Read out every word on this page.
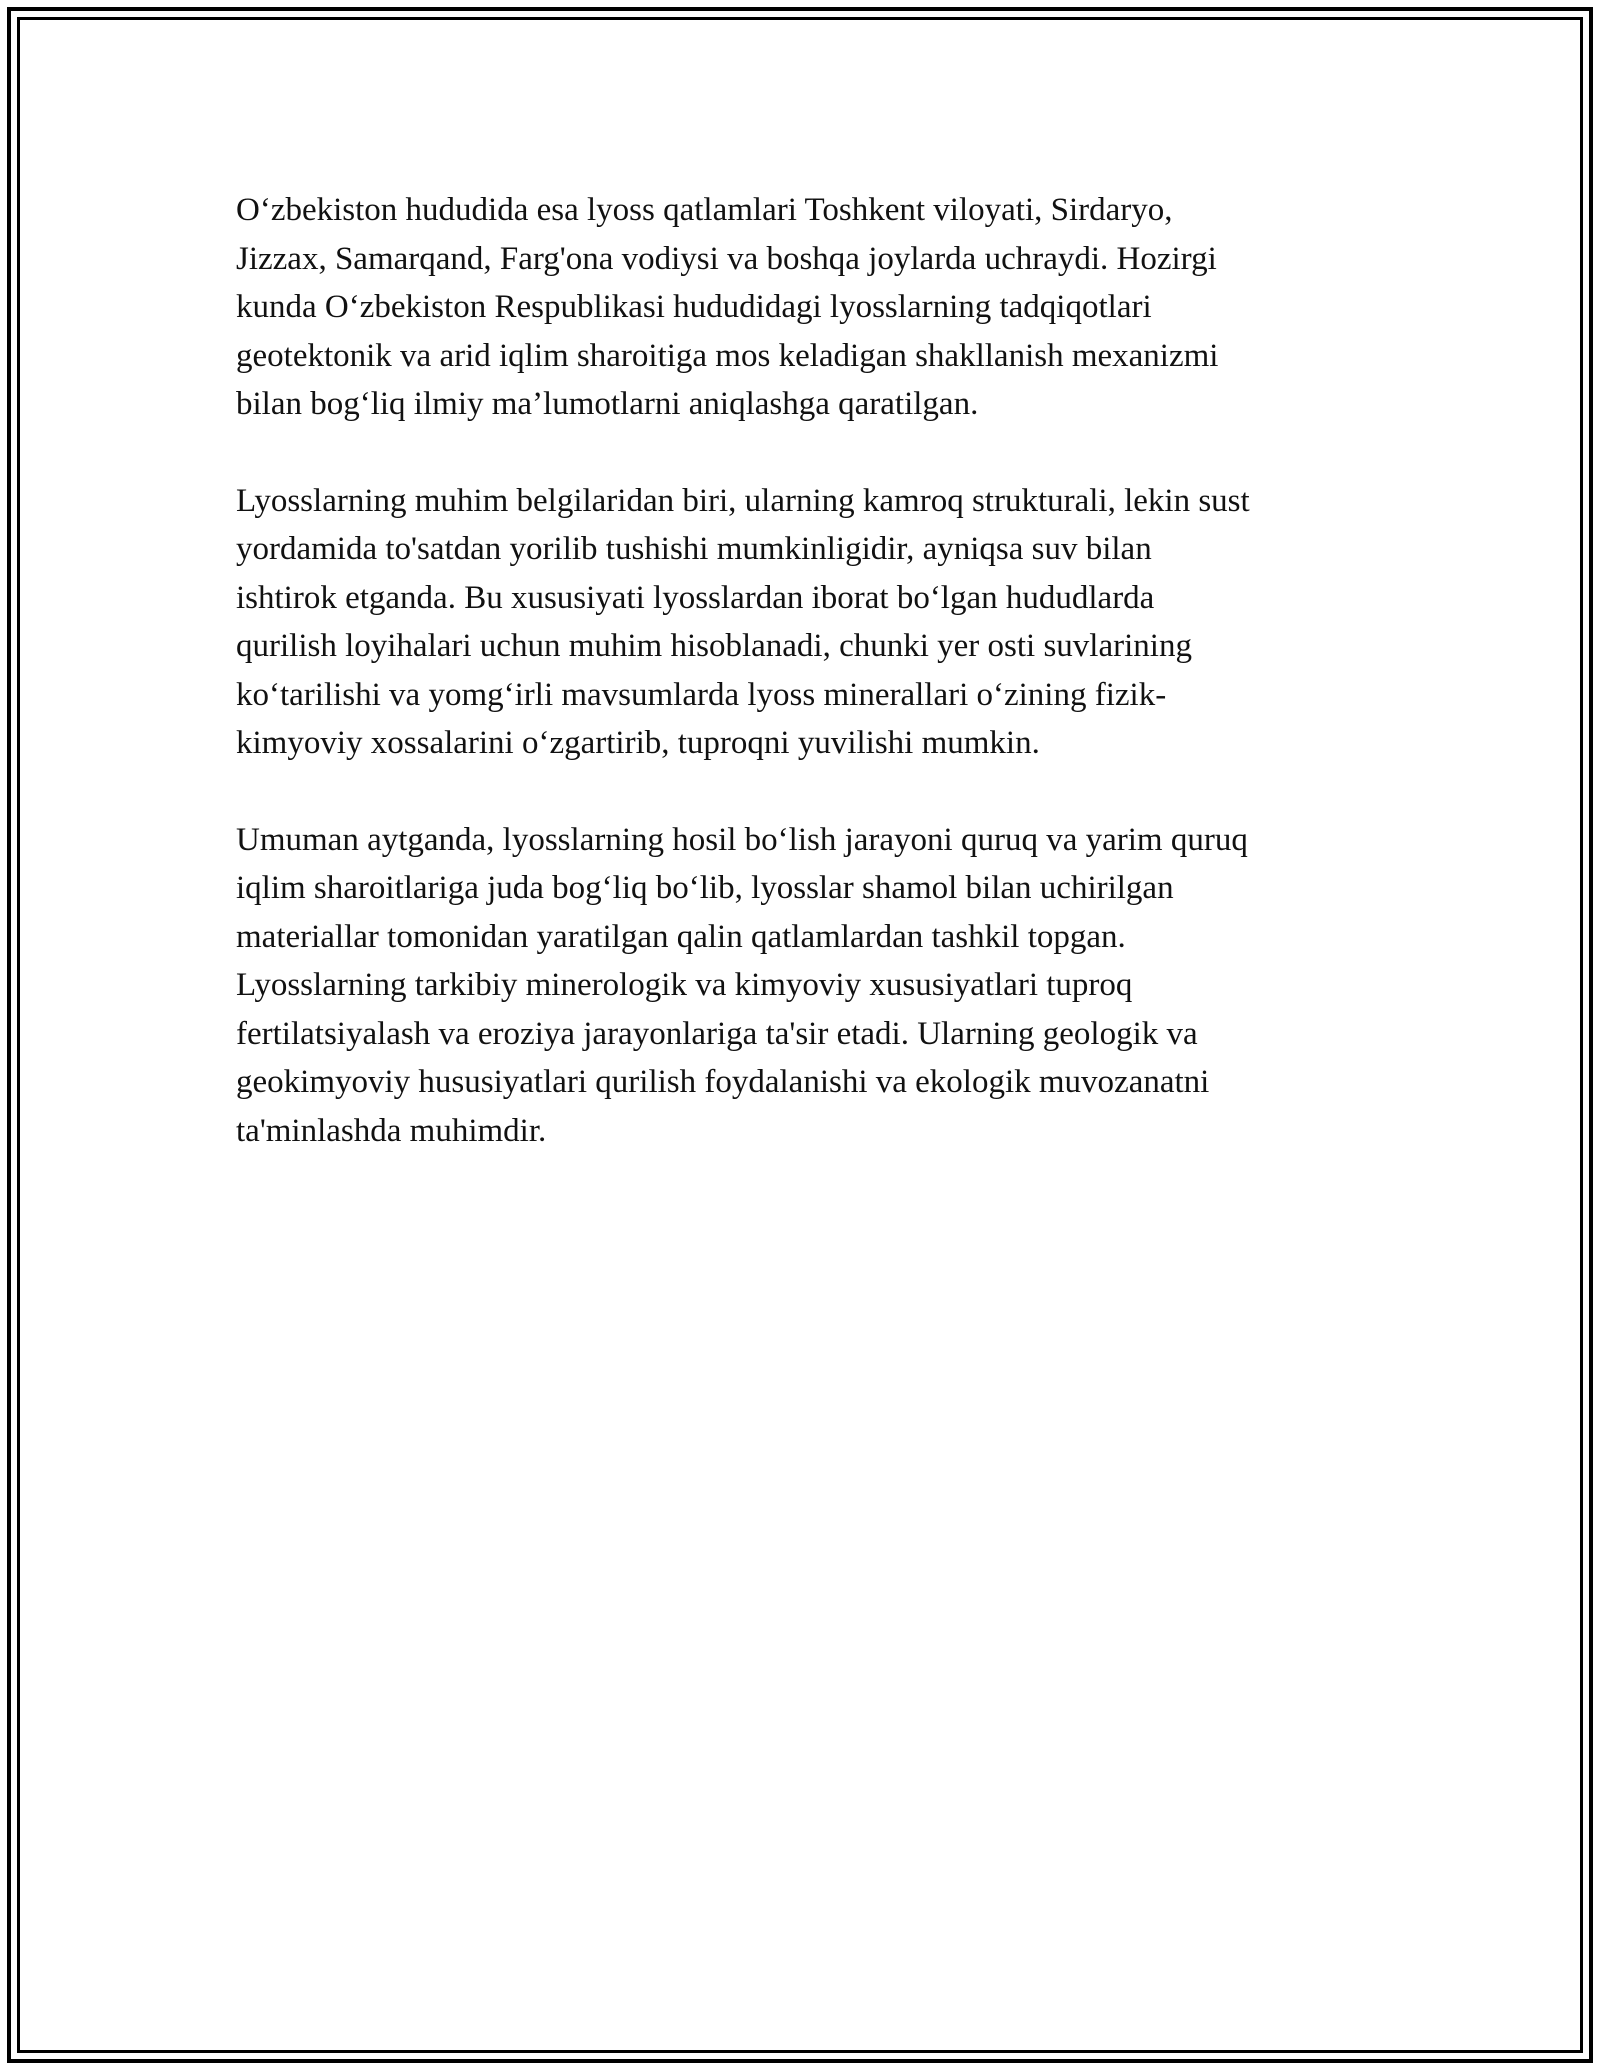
O‘zbekiston hududida esa lyoss qatlamlari Toshkent viloyati, Sirdaryo,
Jizzax, Samarqand, Farg'ona vodiysi va boshqa joylarda uchraydi. Hozirgi
kunda O‘zbekiston Respublikasi hududidagi lyosslarning tadqiqotlari
geotektonik va arid iqlim sharoitiga mos keladigan shakllanish mexanizmi
bilan bog‘liq ilmiy ma’lumotlarni aniqlashga qaratilgan.

Lyosslarning muhim belgilaridan biri, ularning kamroq strukturali, lekin sust
yordamida to'satdan yorilib tushishi mumkinligidir, ayniqsa suv bilan
ishtirok etganda. Bu xususiyati lyosslardan iborat bo‘lgan hududlarda
qurilish loyihalari uchun muhim hisoblanadi, chunki yer osti suvlarining
ko‘tarilishi va yomg‘irli mavsumlarda lyoss minerallari o‘zining fizik-
kimyoviy xossalarini o‘zgartirib, tuproqni yuvilishi mumkin.

Umuman aytganda, lyosslarning hosil bo‘lish jarayoni quruq va yarim quruq
iqlim sharoitlariga juda bog‘liq bo‘lib, lyosslar shamol bilan uchirilgan
materiallar tomonidan yaratilgan qalin qatlamlardan tashkil topgan.
Lyosslarning tarkibiy minerologik va kimyoviy xususiyatlari tuproq
fertilatsiyalash va eroziya jarayonlariga ta'sir etadi. Ularning geologik va
geokimyoviy hususiyatlari qurilish foydalanishi va ekologik muvozanatni
ta'minlashda muhimdir.
